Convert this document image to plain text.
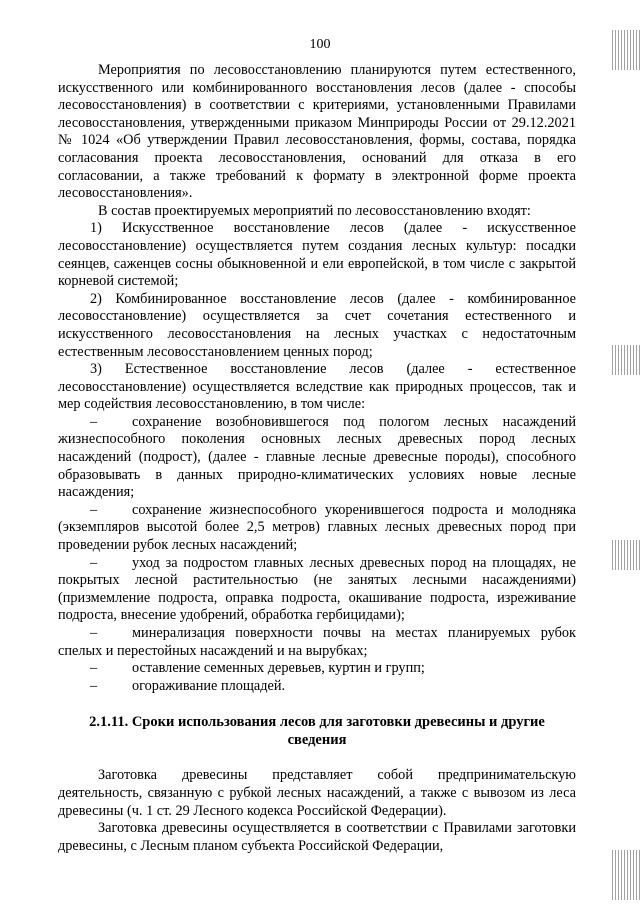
100

Мероприятия по лесовосстановлению планируются путем естественного, искусственного или комбинированного восстановления лесов (далее - способы лесовосстановления) в соответствии с критериями, установленными Правилами лесовосстановления, утвержденными приказом Минприроды России от 29.12.2021 № 1024 «Об утверждении Правил лесовосстановления, формы, состава, порядка согласования проекта лесовосстановления, оснований для отказа в его согласовании, а также требований к формату в электронной форме проекта лесовосстановления».

В состав проектируемых мероприятий по лесовосстановлению входят:

1) Искусственное восстановление лесов (далее - искусственное лесовосстановление) осуществляется путем создания лесных культур: посадки сеянцев, саженцев сосны обыкновенной и ели европейской, в том числе с закрытой корневой системой;

2) Комбинированное восстановление лесов (далее - комбинированное лесовосстановление) осуществляется за счет сочетания естественного и искусственного лесовосстановления на лесных участках с недостаточным естественным лесовосстановлением ценных пород;

3) Естественное восстановление лесов (далее - естественное лесовосстановление) осуществляется вследствие как природных процессов, так и мер содействия лесовосстановлению, в том числе:

– сохранение возобновившегося под пологом лесных насаждений жизнеспособного поколения основных лесных древесных пород лесных насаждений (подрост), (далее - главные лесные древесные породы), способного образовывать в данных природно-климатических условиях новые лесные насаждения;

– сохранение жизнеспособного укоренившегося подроста и молодняка (экземпляров высотой более 2,5 метров) главных лесных древесных пород при проведении рубок лесных насаждений;

– уход за подростом главных лесных древесных пород на площадях, не покрытых лесной растительностью (не занятых лесными насаждениями) (призмемление подроста, оправка подроста, окашивание подроста, изреживание подроста, внесение удобрений, обработка гербицидами);

– минерализация поверхности почвы на местах планируемых рубок спелых и перестойных насаждений и на вырубках;

– оставление семенных деревьев, куртин и групп;

– огораживание площадей.

2.1.11. Сроки использования лесов для заготовки древесины и другие сведения

Заготовка древесины представляет собой предпринимательскую деятельность, связанную с рубкой лесных насаждений, а также с вывозом из леса древесины (ч. 1 ст. 29 Лесного кодекса Российской Федерации).

Заготовка древесины осуществляется в соответствии с Правилами заготовки древесины, с Лесным планом субъекта Российской Федерации,
